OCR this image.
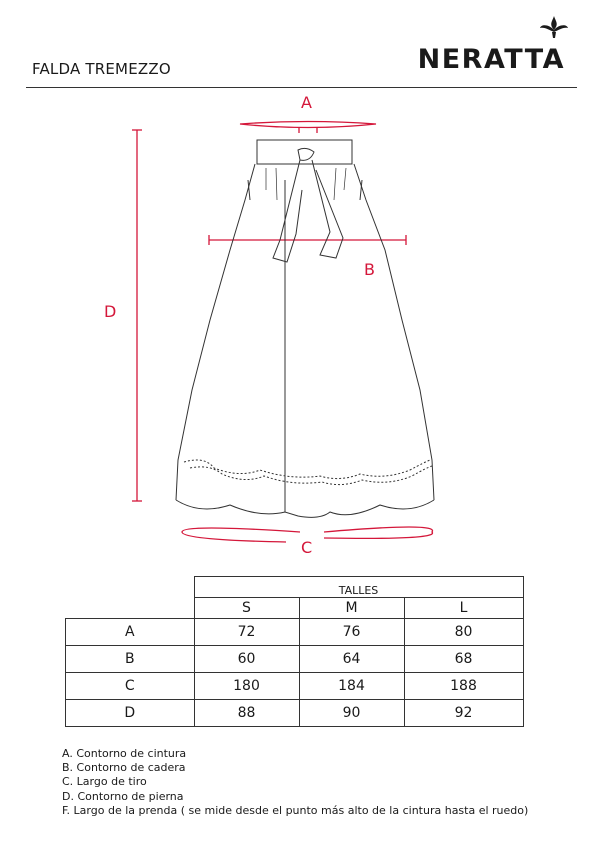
FALDA TREMEZZO	NERATTA
A
B
C
D
	TALLES		
	S	M	L
A	72	76	80
B	60	64	68
C	180	184	188
D	88	90	92
A. Contorno de cintura
B. Contorno de cadera
C. Largo de tiro
D. Contorno de pierna
F. Largo de la prenda ( se mide desde el punto más alto de la cintura hasta el ruedo)
